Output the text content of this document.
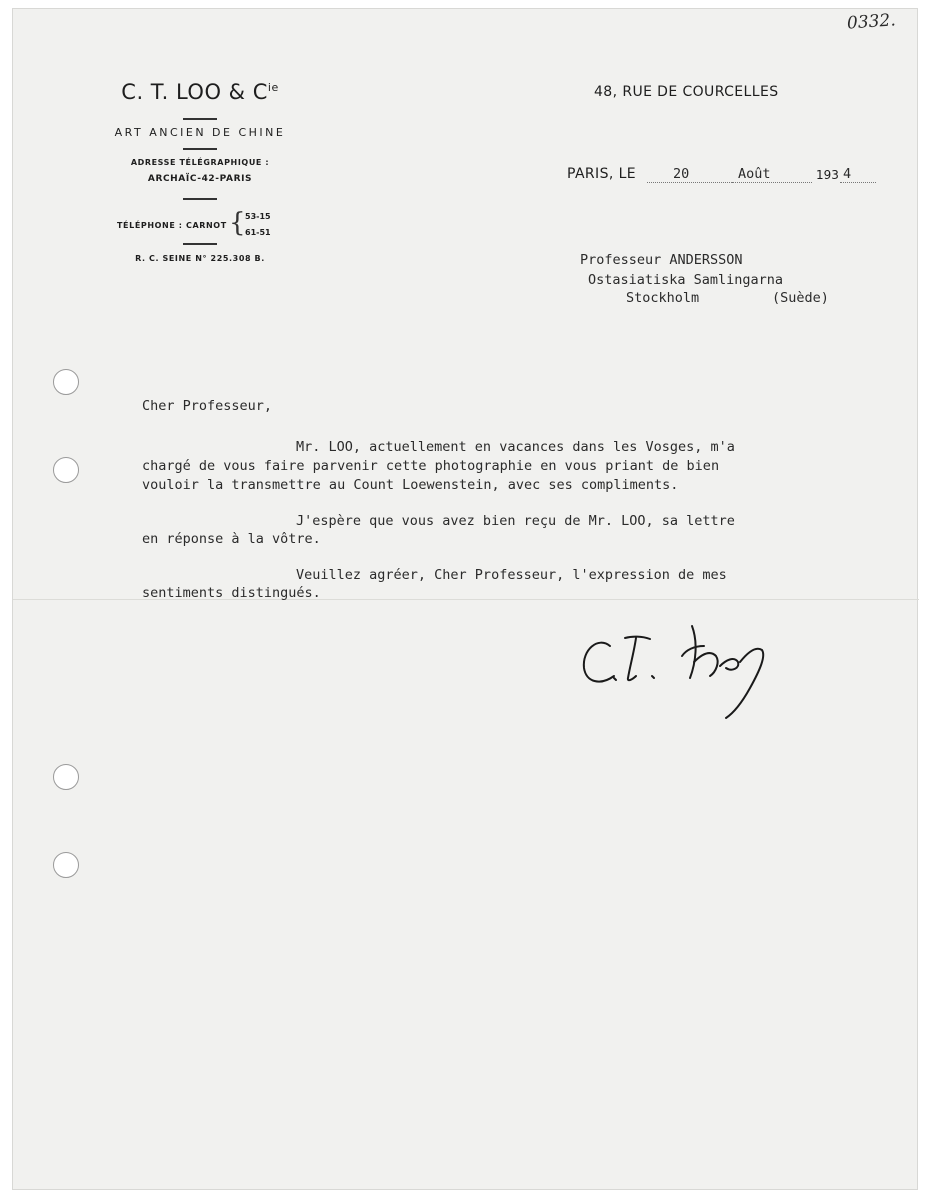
0332.
C. T. LOO & $C^{ie}$
ART ANCIEN DE CHINE
ADRESSE TÉLÉGRAPHIQUE :
ARCHAÏC-42-PARIS
TÉLÉPHONE : CARNOT { 53-15
61-51
R. C. SEINE N° 225.308 B.
48, RUE DE COURCELLES
PARIS, LE	20	Août	193 4
Professeur ANDERSSON
Ostasiatiska Samlingarna
Stockholm	(Suède)
Cher Professeur,
Mr. LOO, actuellement en vacances dans les Vosges, m'a
chargé de vous faire parvenir cette photographie en vous priant de bien
vouloir la transmettre au Count Loewenstein, avec ses compliments.
J'espère que vous avez bien reçu de Mr. LOO, sa lettre
en réponse à la vôtre.
Veuillez agréer, Cher Professeur, l'expression de mes
sentiments distingués.
